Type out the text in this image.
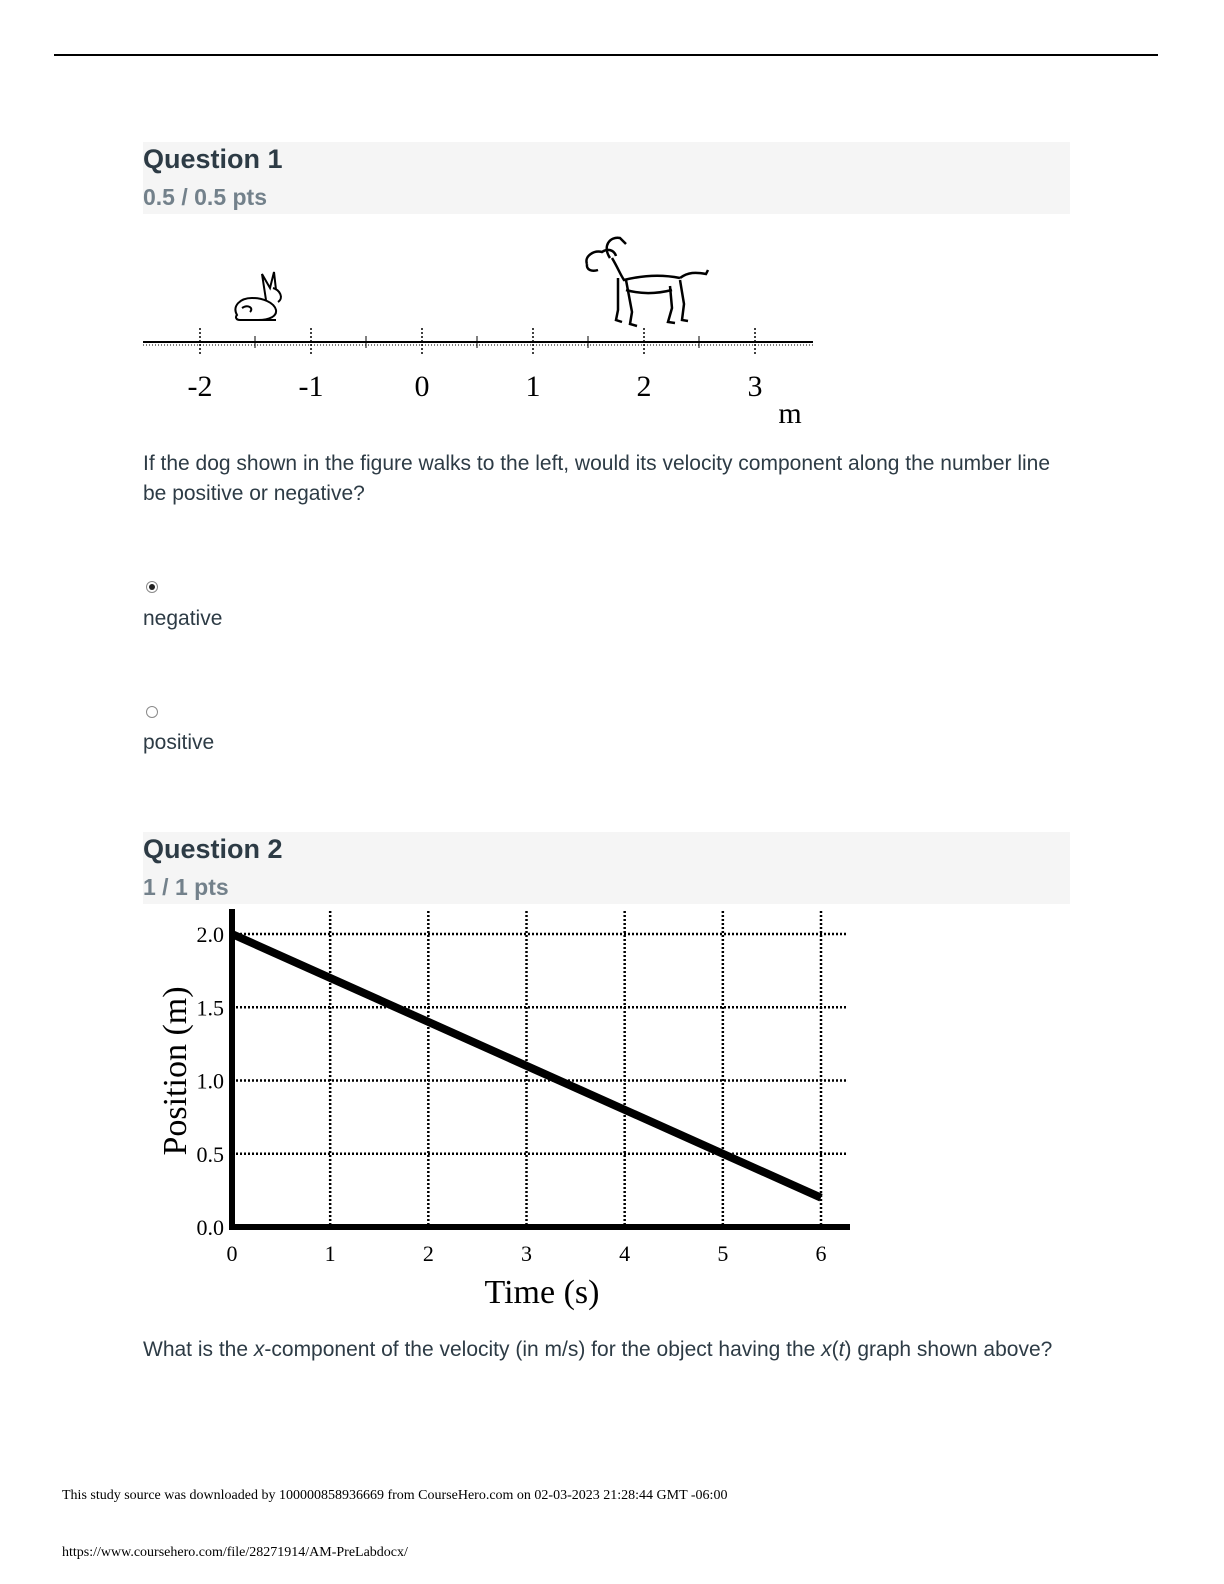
Question 1
0.5 / 0.5 pts
-2	-1	0	1	2	3
m
If the dog shown in the figure walks to the left, would its velocity component along the number line be positive or negative?
negative
positive
Question 2
1 / 1 pts
0	1	2	3	4	5	6
0.0
0.5
1.0
1.5
2.0
Time (s)
Position (m)
What is the x-component of the velocity (in m/s) for the object having the x(t) graph shown above?
This study source was downloaded by 100000858936669 from CourseHero.com on 02-03-2023 21:28:44 GMT -06:00
https://www.coursehero.com/file/28271914/AM-PreLabdocx/
